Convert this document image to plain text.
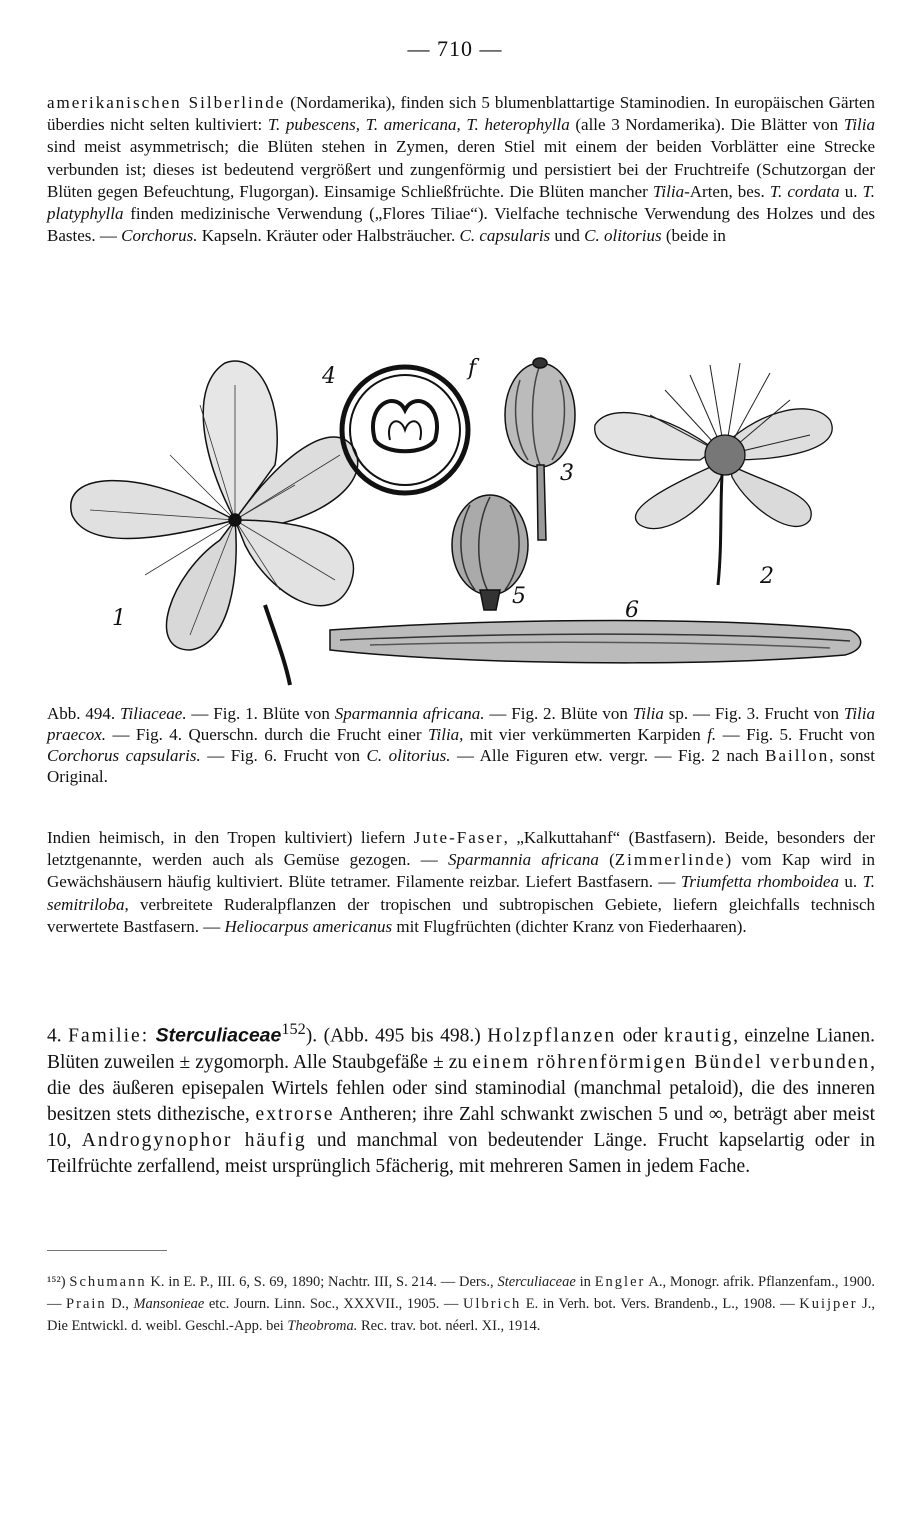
— 710 —

amerikanischen Silberlinde (Nordamerika), finden sich 5 blumenblattartige Staminodien. In europäischen Gärten überdies nicht selten kultiviert: T. pubescens, T. americana, T. heterophylla (alle 3 Nordamerika). Die Blätter von Tilia sind meist asymmetrisch; die Blüten stehen in Zymen, deren Stiel mit einem der beiden Vorblätter eine Strecke verbunden ist; dieses ist bedeutend vergrößert und zungenförmig und persistiert bei der Fruchtreife (Schutzorgan der Blüten gegen Befeuchtung, Flugorgan). Einsamige Schließfrüchte. Die Blüten mancher Tilia-Arten, bes. T. cordata u. T. platyphylla finden medizinische Verwendung („Flores Tiliae“). Vielfache technische Verwendung des Holzes und des Bastes. — Corchorus. Kapseln. Kräuter oder Halbsträucher. C. capsularis und C. olitorius (beide in

1
2
3
4	f
5
6

Abb. 494. Tiliaceae. — Fig. 1. Blüte von Sparmannia africana. — Fig. 2. Blüte von Tilia sp. — Fig. 3. Frucht von Tilia praecox. — Fig. 4. Querschn. durch die Frucht einer Tilia, mit vier verkümmerten Karpiden f. — Fig. 5. Frucht von Corchorus capsularis. — Fig. 6. Frucht von C. olitorius. — Alle Figuren etw. vergr. — Fig. 2 nach Baillon, sonst Original.

Indien heimisch, in den Tropen kultiviert) liefern Jute-Faser, „Kalkuttahanf“ (Bastfasern). Beide, besonders der letztgenannte, werden auch als Gemüse gezogen. — Sparmannia africana (Zimmerlinde) vom Kap wird in Gewächshäusern häufig kultiviert. Blüte tetramer. Filamente reizbar. Liefert Bastfasern. — Triumfetta rhomboidea u. T. semitriloba, verbreitete Ruderalpflanzen der tropischen und subtropischen Gebiete, liefern gleichfalls technisch verwertete Bastfasern. — Heliocarpus americanus mit Flugfrüchten (dichter Kranz von Fiederhaaren).

4. Familie: Sterculiaceae$^{152}$). (Abb. 495 bis 498.) Holzpflanzen oder krautig, einzelne Lianen. Blüten zuweilen ± zygomorph. Alle Staubgefäße ± zu einem röhrenförmigen Bündel verbunden, die des äußeren episepalen Wirtels fehlen oder sind staminodial (manchmal petaloid), die des inneren besitzen stets dithezische, extrorse Antheren; ihre Zahl schwankt zwischen 5 und ∞, beträgt aber meist 10, Androgynophor häufig und manchmal von bedeutender Länge. Frucht kapselartig oder in Teilfrüchte zerfallend, meist ursprünglich 5fächerig, mit mehreren Samen in jedem Fache.

¹⁵²) Schumann K. in E. P., III. 6, S. 69, 1890; Nachtr. III, S. 214. — Ders., Sterculiaceae in Engler A., Monogr. afrik. Pflanzenfam., 1900. — Prain D., Mansonieae etc. Journ. Linn. Soc., XXXVII., 1905. — Ulbrich E. in Verh. bot. Vers. Brandenb., L., 1908. — Kuijper J., Die Entwickl. d. weibl. Geschl.-App. bei Theobroma. Rec. trav. bot. néerl. XI., 1914.
